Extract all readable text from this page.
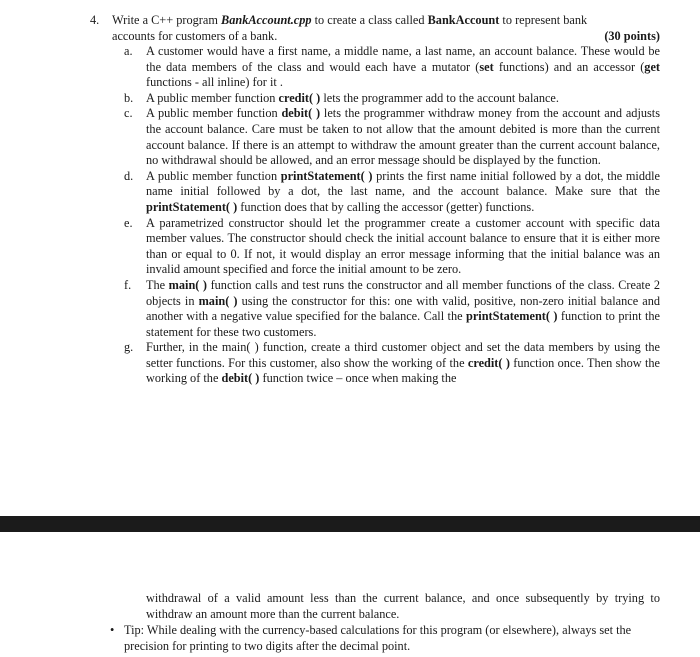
4. Write a C++ program BankAccount.cpp to create a class called BankAccount to represent bank
accounts for customers of a bank.	(30 points)
a. A customer would have a first name, a middle name, a last name, an account balance. These would be the data members of the class and would each have a mutator (set functions) and an accessor (get functions - all inline) for it .
b. A public member function credit( ) lets the programmer add to the account balance.
c. A public member function debit( ) lets the programmer withdraw money from the account and adjusts the account balance. Care must be taken to not allow that the amount debited is more than the current account balance. If there is an attempt to withdraw the amount greater than the current account balance, no withdrawal should be allowed, and an error message should be displayed by the function.
d. A public member function printStatement( ) prints the first name initial followed by a dot, the middle name initial followed by a dot, the last name, and the account balance. Make sure that the printStatement( ) function does that by calling the accessor (getter) functions.
e. A parametrized constructor should let the programmer create a customer account with specific data member values. The constructor should check the initial account balance to ensure that it is either more than or equal to 0. If not, it would display an error message informing that the initial balance was an invalid amount specified and force the initial amount to be zero.
f. The main( ) function calls and test runs the constructor and all member functions of the class. Create 2 objects in main( ) using the constructor for this: one with valid, positive, non-zero initial balance and another with a negative value specified for the balance. Call the printStatement( ) function to print the statement for these two customers.
g. Further, in the main( ) function, create a third customer object and set the data members by using the setter functions. For this customer, also show the working of the credit( ) function once. Then show the working of the debit( ) function twice – once when making the
withdrawal of a valid amount less than the current balance, and once subsequently by trying to withdraw an amount more than the current balance.
• Tip: While dealing with the currency-based calculations for this program (or elsewhere), always set the precision for printing to two digits after the decimal point.
